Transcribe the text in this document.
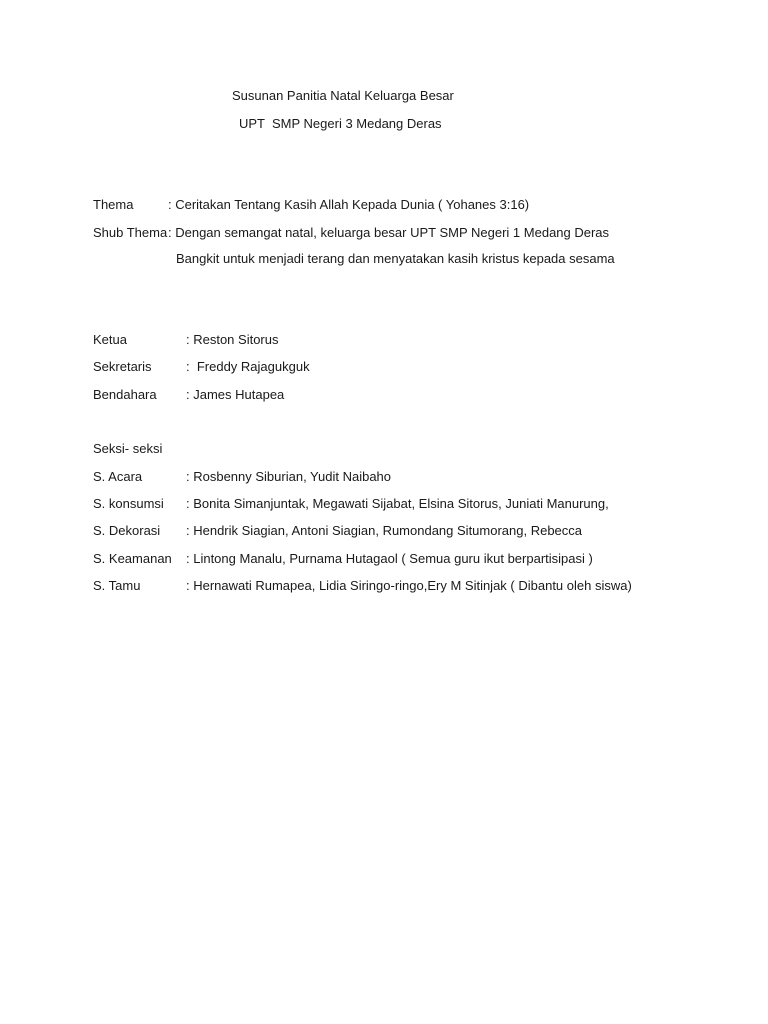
Susunan Panitia Natal Keluarga Besar
UPT  SMP Negeri 3 Medang Deras
Thema	: Ceritakan Tentang Kasih Allah Kepada Dunia ( Yohanes 3:16)
Shub Thema : Dengan semangat natal, keluarga besar UPT SMP Negeri 1 Medang Deras
Bangkit untuk menjadi terang dan menyatakan kasih kristus kepada sesama
Ketua	: Reston Sitorus
Sekretaris	:  Freddy Rajagukguk
Bendahara : James Hutapea
Seksi- seksi
S. Acara	: Rosbenny Siburian, Yudit Naibaho
S. konsumsi : Bonita Simanjuntak, Megawati Sijabat, Elsina Sitorus, Juniati Manurung,
S. Dekorasi : Hendrik Siagian, Antoni Siagian, Rumondang Situmorang, Rebecca
S. Keamanan : Lintong Manalu, Purnama Hutagaol ( Semua guru ikut berpartisipasi )
S. Tamu	: Hernawati Rumapea, Lidia Siringo-ringo,Ery M Sitinjak ( Dibantu oleh siswa)
